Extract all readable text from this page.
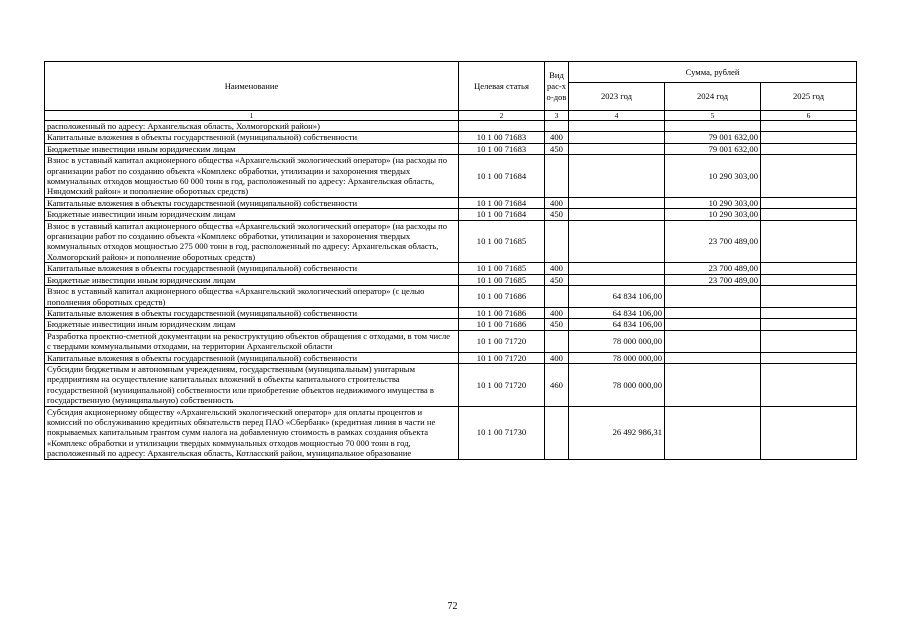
Наименование	Целевая статья	Вид рас-хо-дов	Сумма, рублей		
			2023 год	2024 год	2025 год
1	2	3	4	5	6
расположенный по адресу: Архангельская область, Холмогорский район»)					
Капитальные вложения в объекты государственной (муниципальной) собственности	10 1 00 71683	400		79 001 632,00	
Бюджетные инвестиции иным юридическим лицам	10 1 00 71683	450		79 001 632,00	
Взнос в уставный капитал акционерного общества «Архангельский экологический оператор» (на расходы по организации работ по созданию объекта «Комплекс обработки, утилизации и захоронения твердых коммунальных отходов мощностью 60 000 тонн в год, расположенный по адресу: Архангельская область, Няндомский район» и пополнение оборотных средств)	10 1 00 71684			10 290 303,00	
Капитальные вложения в объекты государственной (муниципальной) собственности	10 1 00 71684	400		10 290 303,00	
Бюджетные инвестиции иным юридическим лицам	10 1 00 71684	450		10 290 303,00	
Взнос в уставный капитал акционерного общества «Архангельский экологический оператор» (на расходы по организации работ по созданию объекта «Комплекс обработки, утилизации и захоронения твердых коммунальных отходов мощностью 275 000 тонн в год, расположенный по адресу: Архангельская область, Холмогорский район» и пополнение оборотных средств)	10 1 00 71685			23 700 489,00	
Капитальные вложения в объекты государственной (муниципальной) собственности	10 1 00 71685	400		23 700 489,00	
Бюджетные инвестиции иным юридическим лицам	10 1 00 71685	450		23 700 489,00	
Взнос в уставный капитал акционерного общества «Архангельский экологический оператор» (с целью пополнения оборотных средств)	10 1 00 71686		64 834 106,00		
Капитальные вложения в объекты государственной (муниципальной) собственности	10 1 00 71686	400	64 834 106,00		
Бюджетные инвестиции иным юридическим лицам	10 1 00 71686	450	64 834 106,00		
Разработка проектно-сметной документации на рекоструктуцию объектов обращения с отходами, в том числе с твердыми коммунальными отходами, на территории Архангельской области	10 1 00 71720		78 000 000,00		
Капитальные вложения в объекты государственной (муниципальной) собственности	10 1 00 71720	400	78 000 000,00		
Субсидии бюджетным и автономным учреждениям, государственным (муниципальным) унитарным предприятиям на осуществление капитальных вложений в объекты капитального строительства государственной (муниципальной) собственности или приобретение объектов недвижимого имущества в государственную (муниципальную) собственность	10 1 00 71720	460	78 000 000,00		
Субсидия акционерному обществу «Архангельский экологический оператор» для оплаты процентов и комиссий по обслуживанию кредитных обязательств перед ПАО «Сбербанк» (кредитная линия в части не покрываемых капитальным грантом сумм налога на добавленную стоимость в рамках создания объекта «Комплекс обработки и утилизации твердых коммунальных отходов мощностью 70 000 тонн в год, расположенный по адресу: Архангельская область, Котласский район, муниципальное образование	10 1 00 71730		26 492 986,31		
72
